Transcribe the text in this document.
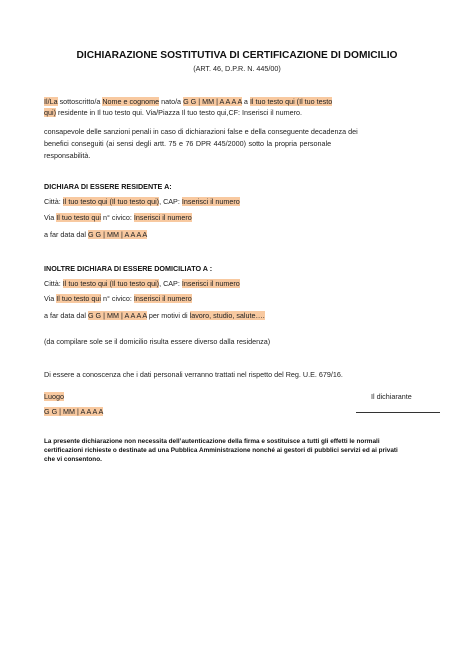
DICHIARAZIONE SOSTITUTIVA DI CERTIFICAZIONE DI DOMICILIO
(ART. 46, D.P.R. N. 445/00)
Il/La sottoscritto/a Nome e cognome nato/a G G | MM | A A A A a Il tuo testo qui (Il tuo testo
qui) residente in Il tuo testo qui. Via/Piazza Il tuo testo qui,CF: Inserisci il numero.
consapevole delle sanzioni penali in caso di dichiarazioni false e della conseguente decadenza dei
benefici conseguiti (ai sensi degli artt. 75 e 76 DPR 445/2000) sotto la propria personale
responsabilità.
DICHIARA DI ESSERE RESIDENTE A:
Città: Il tuo testo qui (Il tuo testo qui), CAP: Inserisci il numero
Via Il tuo testo qui n° civico: Inserisci il numero
a far data dal G G | MM | A A A A
INOLTRE DICHIARA DI ESSERE DOMICILIATO A :
Città: Il tuo testo qui (Il tuo testo qui), CAP: Inserisci il numero
Via Il tuo testo qui n° civico: Inserisci il numero
a far data dal G G | MM | A A A A per motivi di lavoro, studio, salute….
(da compilare sole se il domicilio risulta essere diverso dalla residenza)
Di essere a conoscenza che i dati personali verranno trattati nel rispetto del Reg. U.E. 679/16.
Luogo	Il dichiarante
G G | MM | A A A A
La presente dichiarazione non necessita dell’autenticazione della firma e sostituisce a tutti gli effetti le normali
certificazioni richieste o destinate ad una Pubblica Amministrazione nonché ai gestori di pubblici servizi ed ai privati
che vi consentono.
